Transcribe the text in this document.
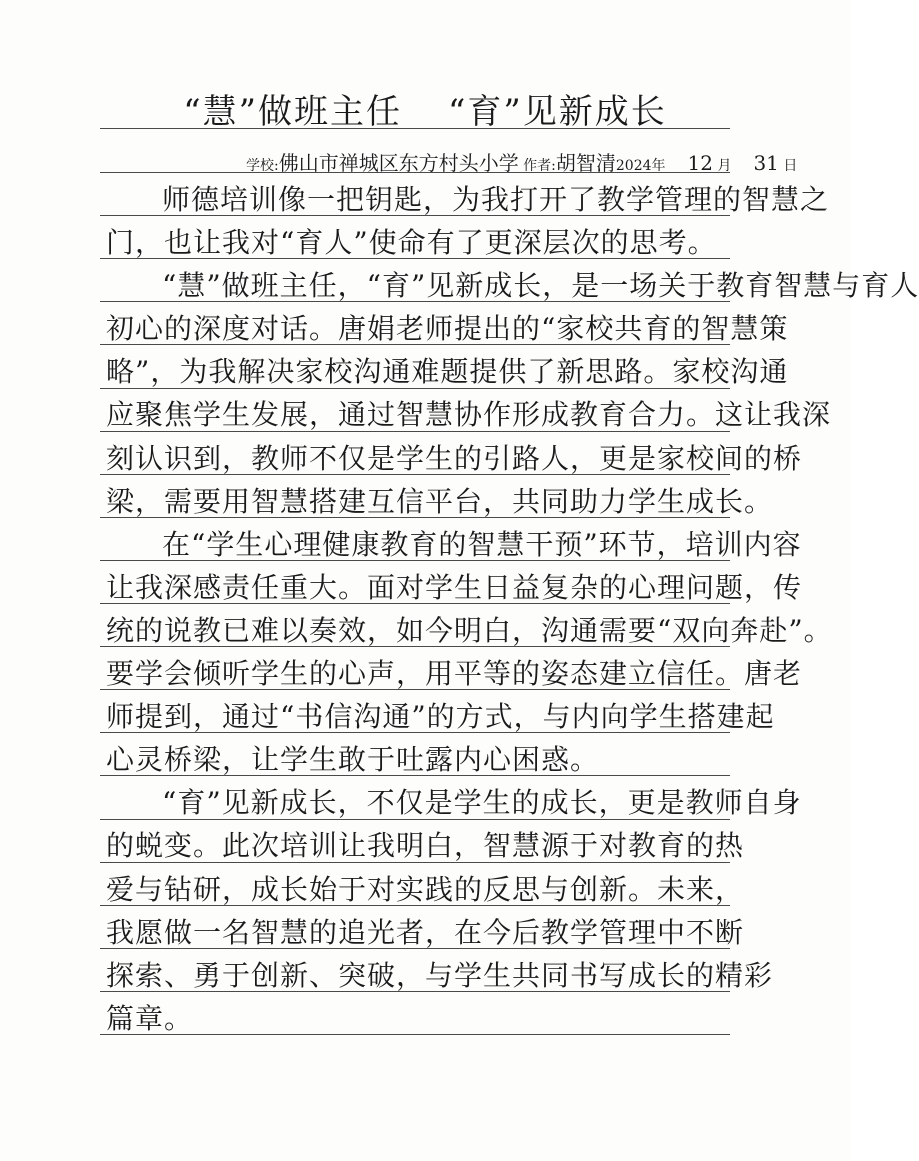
“慧”做班主任 “育”见新成长
学校:佛山市禅城区东方村头小学 作者:胡智清2024年 12 月 31 日
师德培训像一把钥匙，为我打开了教学管理的智慧之
门，也让我对“育人”使命有了更深层次的思考。
“慧”做班主任，“育”见新成长，是一场关于教育智慧与育人
初心的深度对话。唐娟老师提出的“家校共育的智慧策
略”，为我解决家校沟通难题提供了新思路。家校沟通
应聚焦学生发展，通过智慧协作形成教育合力。这让我深
刻认识到，教师不仅是学生的引路人，更是家校间的桥
梁，需要用智慧搭建互信平台，共同助力学生成长。
在“学生心理健康教育的智慧干预”环节，培训内容
让我深感责任重大。面对学生日益复杂的心理问题，传
统的说教已难以奏效，如今明白，沟通需要“双向奔赴”。
要学会倾听学生的心声，用平等的姿态建立信任。唐老
师提到，通过“书信沟通”的方式，与内向学生搭建起
心灵桥梁，让学生敢于吐露内心困惑。
“育”见新成长，不仅是学生的成长，更是教师自身
的蜕变。此次培训让我明白，智慧源于对教育的热
爱与钻研，成长始于对实践的反思与创新。未来，
我愿做一名智慧的追光者，在今后教学管理中不断
探索、勇于创新、突破，与学生共同书写成长的精彩
篇章。
